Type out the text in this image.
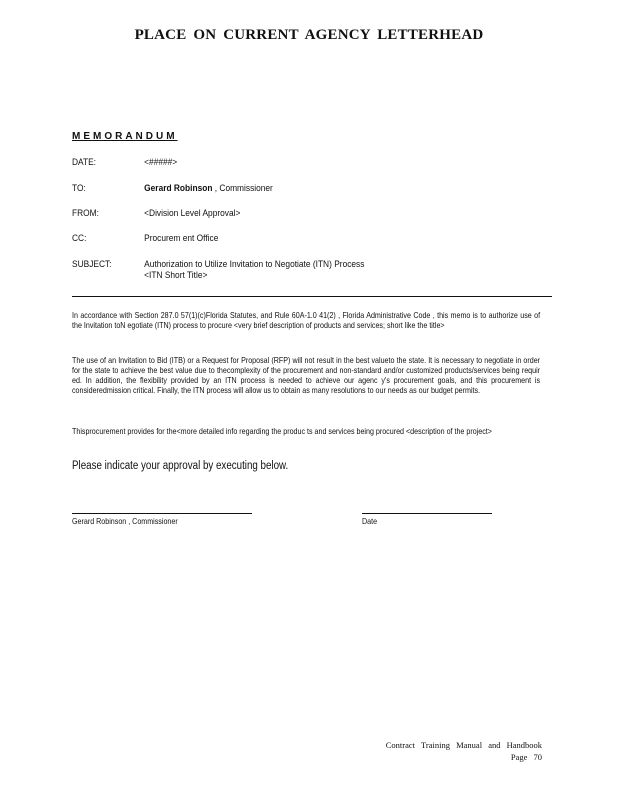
PLACE ON CURRENT AGENCY LETTERHEAD
MEMORANDUM
DATE:	<#####>
TO:	Gerard Robinson , Commissioner
FROM:	<Division Level Approval>
CC:	Procurem ent Office
SUBJECT:	Authorization to Utilize Invitation to Negotiate (ITN) Process
<ITN Short Title>
In accordance with Section 287.0 57(1)(c)Florida Statutes, and Rule 60A-1.0 41(2) , Florida Administrative Code , this memo is to authorize use of the Invitation toN egotiate (ITN) process to procure <very brief description of products and services; short like the title>
The use of an Invitation to Bid (ITB) or a Request for Proposal (RFP) will not result in the best valueto the state. It is necessary to negotiate in order for the state to achieve the best value due to thecomplexity of the procurement and non-standard and/or customized products/services being requir ed. In addition, the flexibility provided by an ITN process is needed to achieve our agenc y's procurement goals, and this procurement is consideredmission critical. Finally, the ITN process will allow us to obtain as many resolutions to our needs as our budget permits.
Thisprocurement provides for the<more detailed info regarding the produc ts and services being procured <description of the project>
Please indicate your approval by executing below.
Gerard Robinson , Commissioner	Date
Contract Training Manual and Handbook
Page 70
